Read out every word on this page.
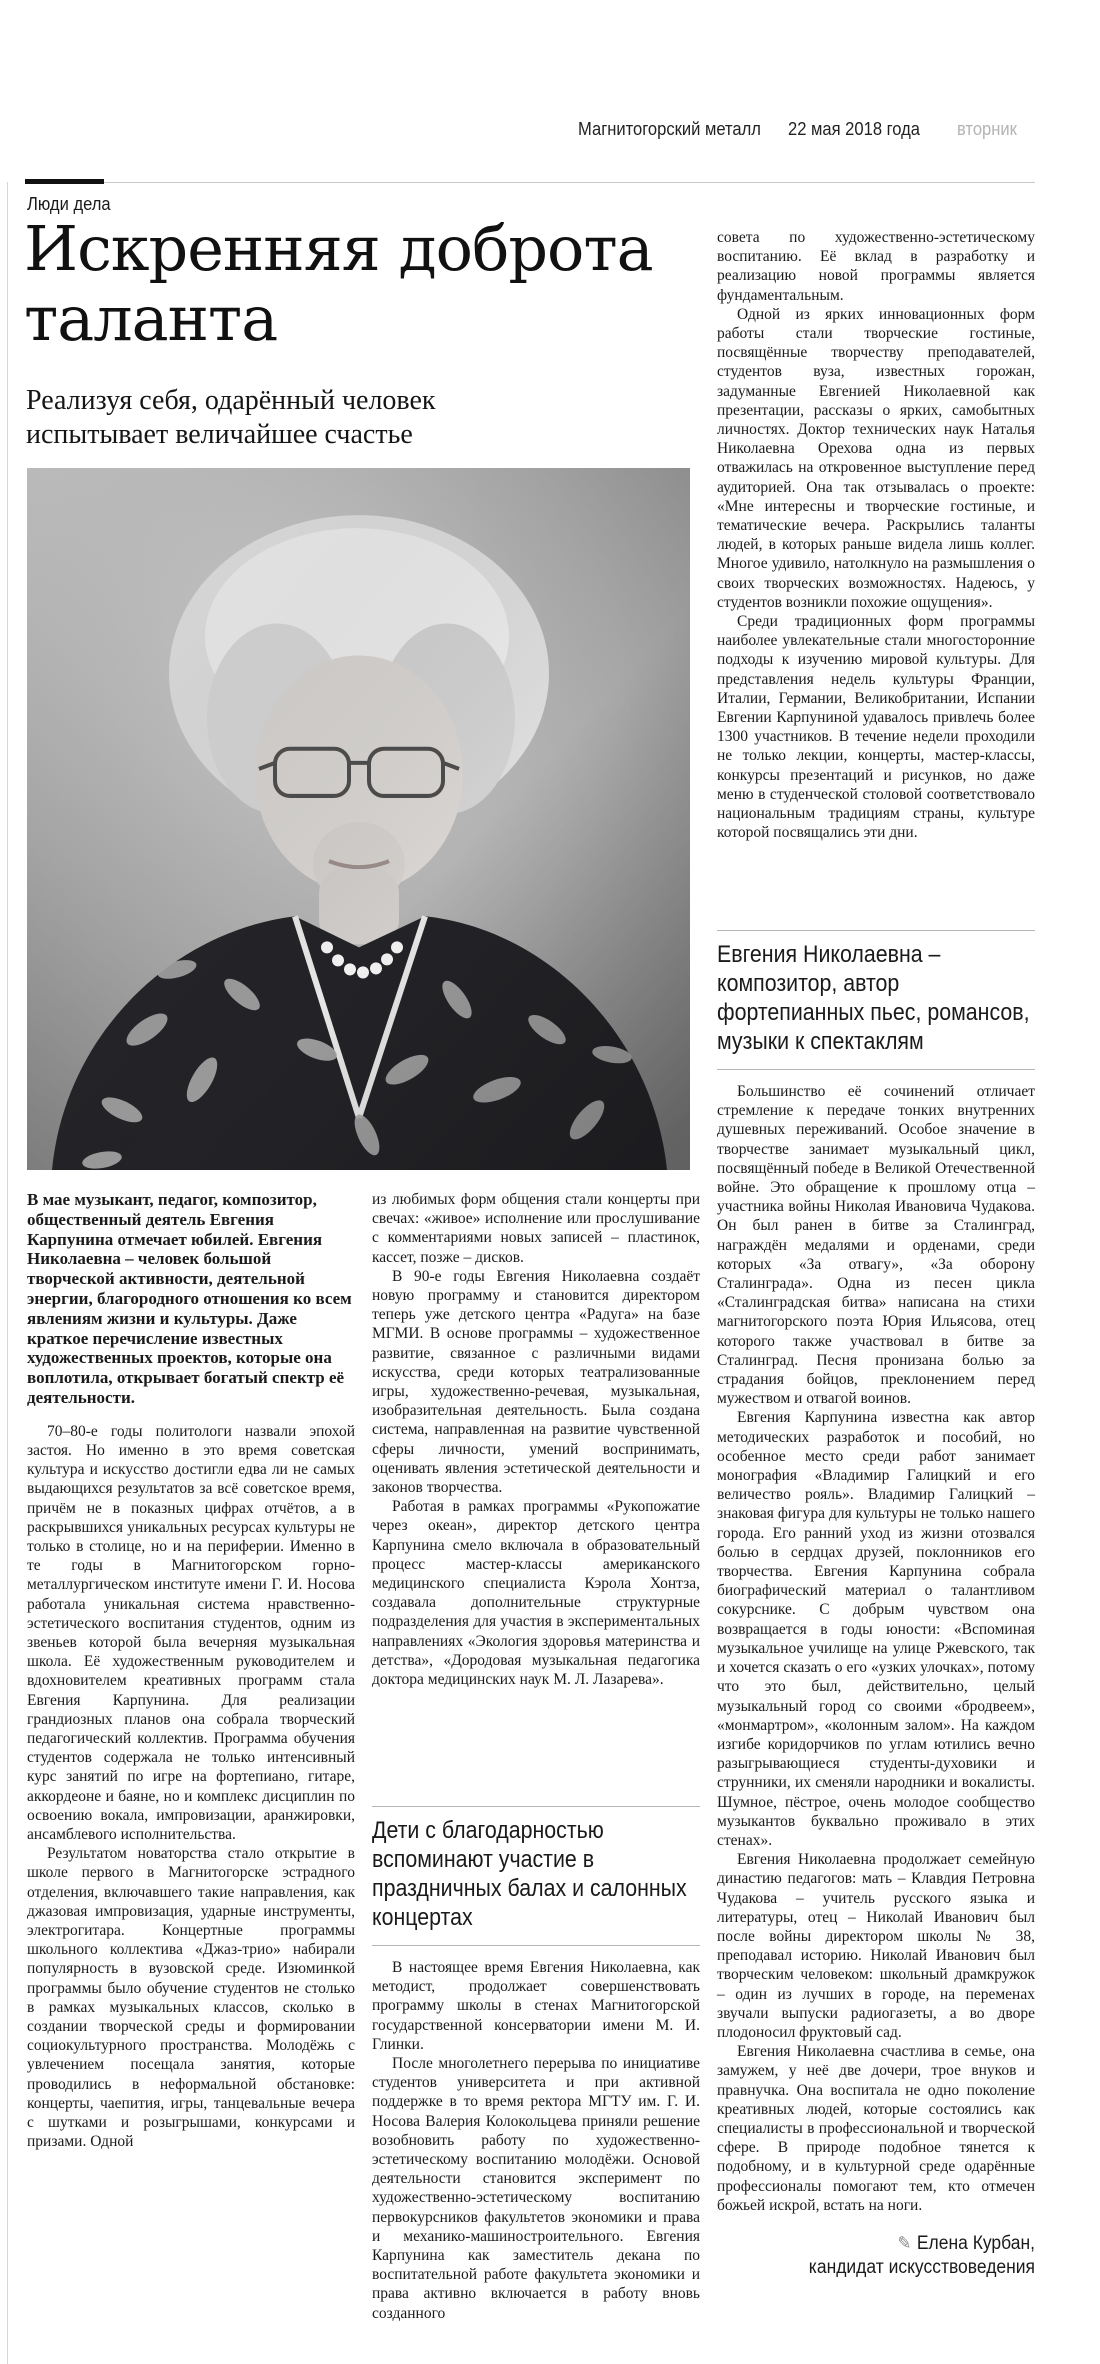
Магнитогорский металл 22 мая 2018 года вторник
Люди дела
Искренняя доброта таланта
Реализуя себя, одарённый человек испытывает величайшее счастье

В мае музыкант, педагог, композитор, общественный деятель Евгения Карпунина отмечает юбилей. Евгения Николаевна – человек большой творческой активности, деятельной энергии, благородного отношения ко всем явлениям жизни и культуры. Даже краткое перечисление известных художественных проектов, которые она воплотила, открывает богатый спектр её деятельности.

70–80-е годы политологи назвали эпохой застоя. Но именно в это время советская культура и искусство достигли едва ли не самых выдающихся результатов за всё советское время, причём не в показных цифрах отчётов, а в раскрывшихся уникальных ресурсах культуры не только в столице, но и на периферии. Именно в те годы в Магнитогорском горно-металлургическом институте имени Г. И. Носова работала уникальная система нравственно-эстетического воспитания студентов, одним из звеньев которой была вечерняя музыкальная школа. Её художественным руководителем и вдохновителем креативных программ стала Евгения Карпунина. Для реализации грандиозных планов она собрала творческий педагогический коллектив. Программа обучения студентов содержала не только интенсивный курс занятий по игре на фортепиано, гитаре, аккордеоне и баяне, но и комплекс дисциплин по освоению вокала, импровизации, аранжировки, ансамблевого исполнительства.

Результатом новаторства стало открытие в школе первого в Магнитогорске эстрадного отделения, включавшего такие направления, как джазовая импровизация, ударные инструменты, электрогитара. Концертные программы школьного коллектива «Джаз-трио» набирали популярность в вузовской среде. Изюминкой программы было обучение студентов не столько в рамках музыкальных классов, сколько в создании творческой среды и формировании социокультурного пространства. Молодёжь с увлечением посещала занятия, которые проводились в неформальной обстановке: концерты, чаепития, игры, танцевальные вечера с шутками и розыгрышами, конкурсами и призами. Одной

из любимых форм общения стали концерты при свечах: «живое» исполнение или прослушивание с комментариями новых записей – пластинок, кассет, позже – дисков.

В 90-е годы Евгения Николаевна создаёт новую программу и становится директором теперь уже детского центра «Радуга» на базе МГМИ. В основе программы – художественное развитие, связанное с различными видами искусства, среди которых театрализованные игры, художественно-речевая, музыкальная, изобразительная деятельность. Была создана система, направленная на развитие чувственной сферы личности, умений воспринимать, оценивать явления эстетической деятельности и законов творчества.

Работая в рамках программы «Рукопожатие через океан», директор детского центра Карпунина смело включала в образовательный процесс мастер-классы американского медицинского специалиста Кэрола Хонтза, создавала дополнительные структурные подразделения для участия в экспериментальных направлениях «Экология здоровья материнства и детства», «Дородовая музыкальная педагогика доктора медицинских наук М. Л. Лазарева».

Дети с благодарностью вспоминают участие в праздничных балах и салонных концертах

В настоящее время Евгения Николаевна, как методист, продолжает совершенствовать программу школы в стенах Магнитогорской государственной консерватории имени М. И. Глинки.

После многолетнего перерыва по инициативе студентов университета и при активной поддержке в то время ректора МГТУ им. Г. И. Носова Валерия Колокольцева приняли решение возобновить работу по художественно-эстетическому воспитанию молодёжи. Основой деятельности становится эксперимент по художественно-эстетическому воспитанию первокурсников факультетов экономики и права и механико-машиностроительного. Евгения Карпунина как заместитель декана по воспитательной работе факультета экономики и права активно включается в работу вновь созданного

совета по художественно-эстетическому воспитанию. Её вклад в разработку и реализацию новой программы является фундаментальным.

Одной из ярких инновационных форм работы стали творческие гостиные, посвящённые творчеству преподавателей, студентов вуза, известных горожан, задуманные Евгенией Николаевной как презентации, рассказы о ярких, самобытных личностях. Доктор технических наук Наталья Николаевна Орехова одна из первых отважилась на откровенное выступление перед аудиторией. Она так отзывалась о проекте: «Мне интересны и творческие гостиные, и тематические вечера. Раскрылись таланты людей, в которых раньше видела лишь коллег. Многое удивило, натолкнуло на размышления о своих творческих возможностях. Надеюсь, у студентов возникли похожие ощущения».

Среди традиционных форм программы наиболее увлекательные стали многосторонние подходы к изучению мировой культуры. Для представления недель культуры Франции, Италии, Германии, Великобритании, Испании Евгении Карпуниной удавалось привлечь более 1300 участников. В течение недели проходили не только лекции, концерты, мастер-классы, конкурсы презентаций и рисунков, но даже меню в студенческой столовой соответствовало национальным традициям страны, культуре которой посвящались эти дни.

Евгения Николаевна – композитор, автор фортепианных пьес, романсов, музыки к спектаклям

Большинство её сочинений отличает стремление к передаче тонких внутренних душевных переживаний. Особое значение в творчестве занимает музыкальный цикл, посвящённый победе в Великой Отечественной войне. Это обращение к прошлому отца – участника войны Николая Ивановича Чудакова. Он был ранен в битве за Сталинград, награждён медалями и орденами, среди которых «За отвагу», «За оборону Сталинграда». Одна из песен цикла «Сталинградская битва» написана на стихи магнитогорского поэта Юрия Ильясова, отец которого также участвовал в битве за Сталинград. Песня пронизана болью за страдания бойцов, преклонением перед мужеством и отвагой воинов.

Евгения Карпунина известна как автор методических разработок и пособий, но особенное место среди работ занимает монография «Владимир Галицкий и его величество рояль». Владимир Галицкий – знаковая фигура для культуры не только нашего города. Его ранний уход из жизни отозвался болью в сердцах друзей, поклонников его творчества. Евгения Карпунина собрала биографический материал о талантливом сокурснике. С добрым чувством она возвращается в годы юности: «Вспоминая музыкальное училище на улице Ржевского, так и хочется сказать о его «узких улочках», потому что это был, действительно, целый музыкальный город со своими «бродвеем», «монмартром», «колонным залом». На каждом изгибе коридорчиков по углам ютились вечно разыгрывающиеся студенты-духовики и струнники, их сменяли народники и вокалисты. Шумное, пёстрое, очень молодое сообщество музыкантов буквально проживало в этих стенах».

Евгения Николаевна продолжает семейную династию педагогов: мать – Клавдия Петровна Чудакова – учитель русского языка и литературы, отец – Николай Иванович был после войны директором школы № 38, преподавал историю. Николай Иванович был творческим человеком: школьный драмкружок – один из лучших в городе, на переменах звучали выпуски радиогазеты, а во дворе плодоносил фруктовый сад.

Евгения Николаевна счастлива в семье, она замужем, у неё две дочери, трое внуков и правнучка. Она воспитала не одно поколение креативных людей, которые состоялись как специалисты в профессиональной и творческой сфере. В природе подобное тянется к подобному, и в культурной среде одарённые профессионалы помогают тем, кто отмечен божьей искрой, встать на ноги.

✎ Елена Курбан,
кандидат искусствоведения
